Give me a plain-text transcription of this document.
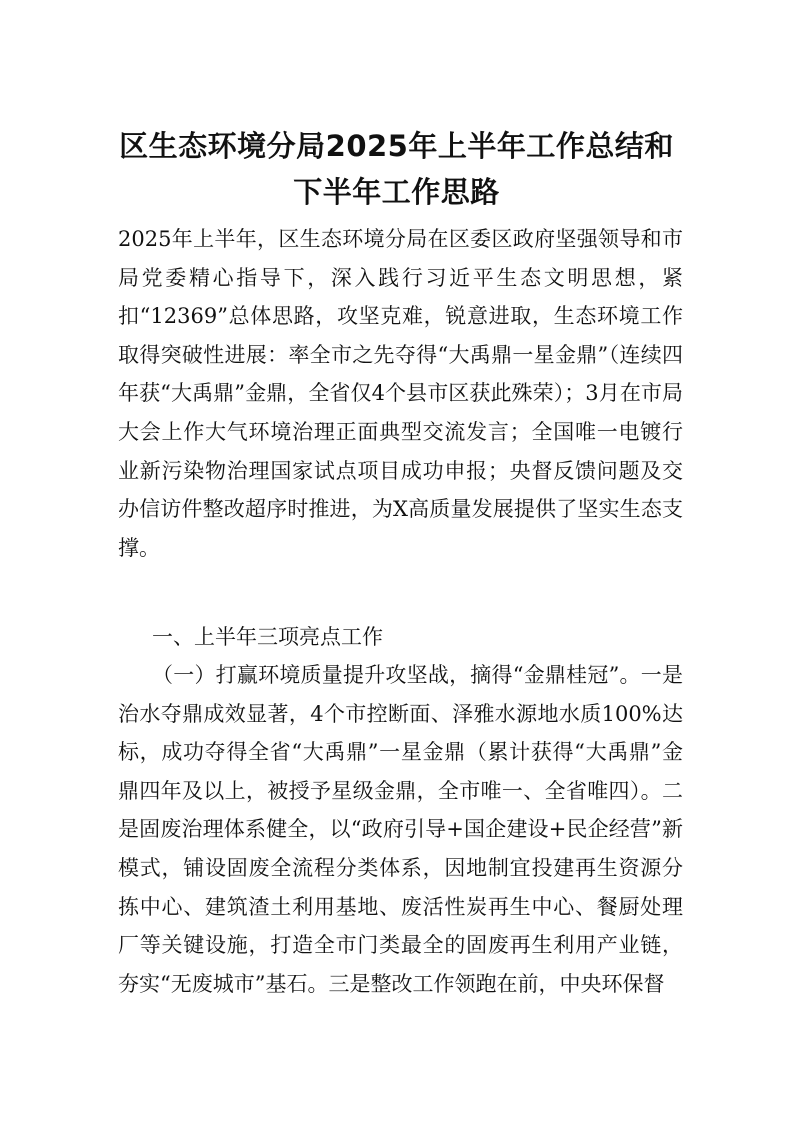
区生态环境分局2025年上半年工作总结和
下半年工作思路

2025年上半年，区生态环境分局在区委区政府坚强领导和市局党委精心指导下，深入践行习近平生态文明思想，紧扣“12369”总体思路，攻坚克难，锐意进取，生态环境工作取得突破性进展：率全市之先夺得“大禹鼎一星金鼎”（连续四年获“大禹鼎”金鼎，全省仅4个县市区获此殊荣）；3月在市局大会上作大气环境治理正面典型交流发言；全国唯一电镀行业新污染物治理国家试点项目成功申报；央督反馈问题及交办信访件整改超序时推进，为X高质量发展提供了坚实生态支撑。

一、上半年三项亮点工作

（一）打赢环境质量提升攻坚战，摘得“金鼎桂冠”。一是治水夺鼎成效显著，4个市控断面、泽雅水源地水质100%达标，成功夺得全省“大禹鼎”一星金鼎（累计获得“大禹鼎”金鼎四年及以上，被授予星级金鼎，全市唯一、全省唯四）。二是固废治理体系健全，以“政府引导+国企建设+民企经营”新模式，铺设固废全流程分类体系，因地制宜投建再生资源分拣中心、建筑渣土利用基地、废活性炭再生中心、餐厨处理厂等关键设施，打造全市门类最全的固废再生利用产业链，夯实“无废城市”基石。三是整改工作领跑在前，中央环保督
